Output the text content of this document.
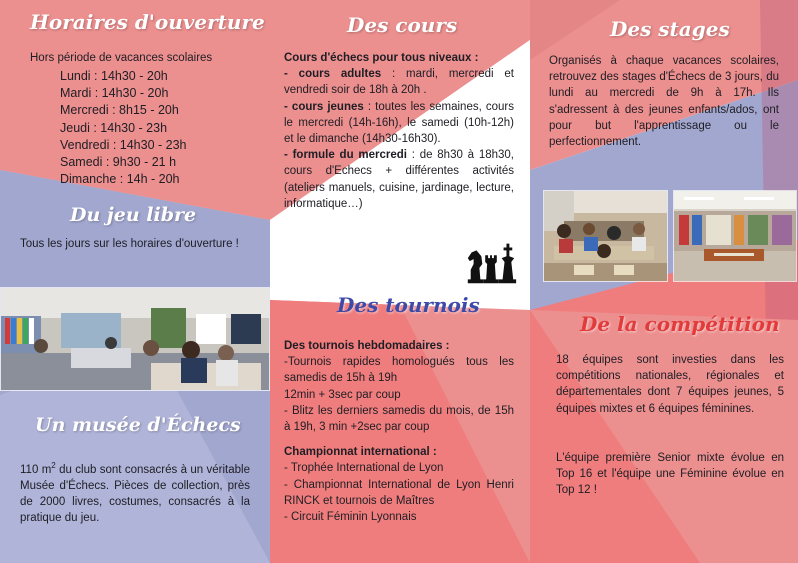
Horaires d'ouverture

Hors période de vacances scolaires

Lundi : 14h30 - 20h
Mardi : 14h30 - 20h
Mercredi : 8h15 - 20h
Jeudi : 14h30 - 23h
Vendredi : 14h30 - 23h
Samedi : 9h30 - 21 h
Dimanche : 14h - 20h
Du jeu libre

Tous les jours sur les horaires d'ouverture !

Un musée d'Échecs

110 $m^2$ du club sont consacrés à un véritable Musée d'Échecs. Pièces de collection, près de 2000 livres, costumes, consacrés à la pratique du jeu.

Des cours
Cours d'échecs pour tous niveaux :
- cours adultes : mardi, mercredi et vendredi soir de 18h à 20h .
- cours jeunes : toutes les semaines, cours le mercredi (14h-16h), le samedi (10h-12h) et le dimanche (14h30-16h30).
- formule du mercredi : de 8h30 à 18h30, cours d'Echecs + différentes activités (ateliers manuels, cuisine, jardinage, lecture, informatique…)
Des tournois
Des tournois hebdomadaires :
-Tournois rapides homologués tous les samedis de 15h à 19h
12min + 3sec par coup
- Blitz les derniers samedis du mois, de 15h à 19h, 3 min +2sec par coup
Championnat international :
- Trophée International de Lyon
- Championnat International de Lyon Henri RINCK et tournois de Maîtres
- Circuit Féminin Lyonnais
Des stages

Organisés à chaque vacances scolaires, retrouvez des stages d'Échecs de 3 jours, du lundi au mercredi de 9h à 17h. Ils s'adressent à des jeunes enfants/ados, ont pour but l'apprentissage ou le perfectionnement.

De la compétition

18 équipes sont investies dans les compétitions nationales, régionales et départementales dont 7 équipes jeunes, 5 équipes mixtes et 6 équipes féminines.

L'équipe première Senior mixte évolue en Top 16 et l'équipe une Féminine évolue en Top 12 !
